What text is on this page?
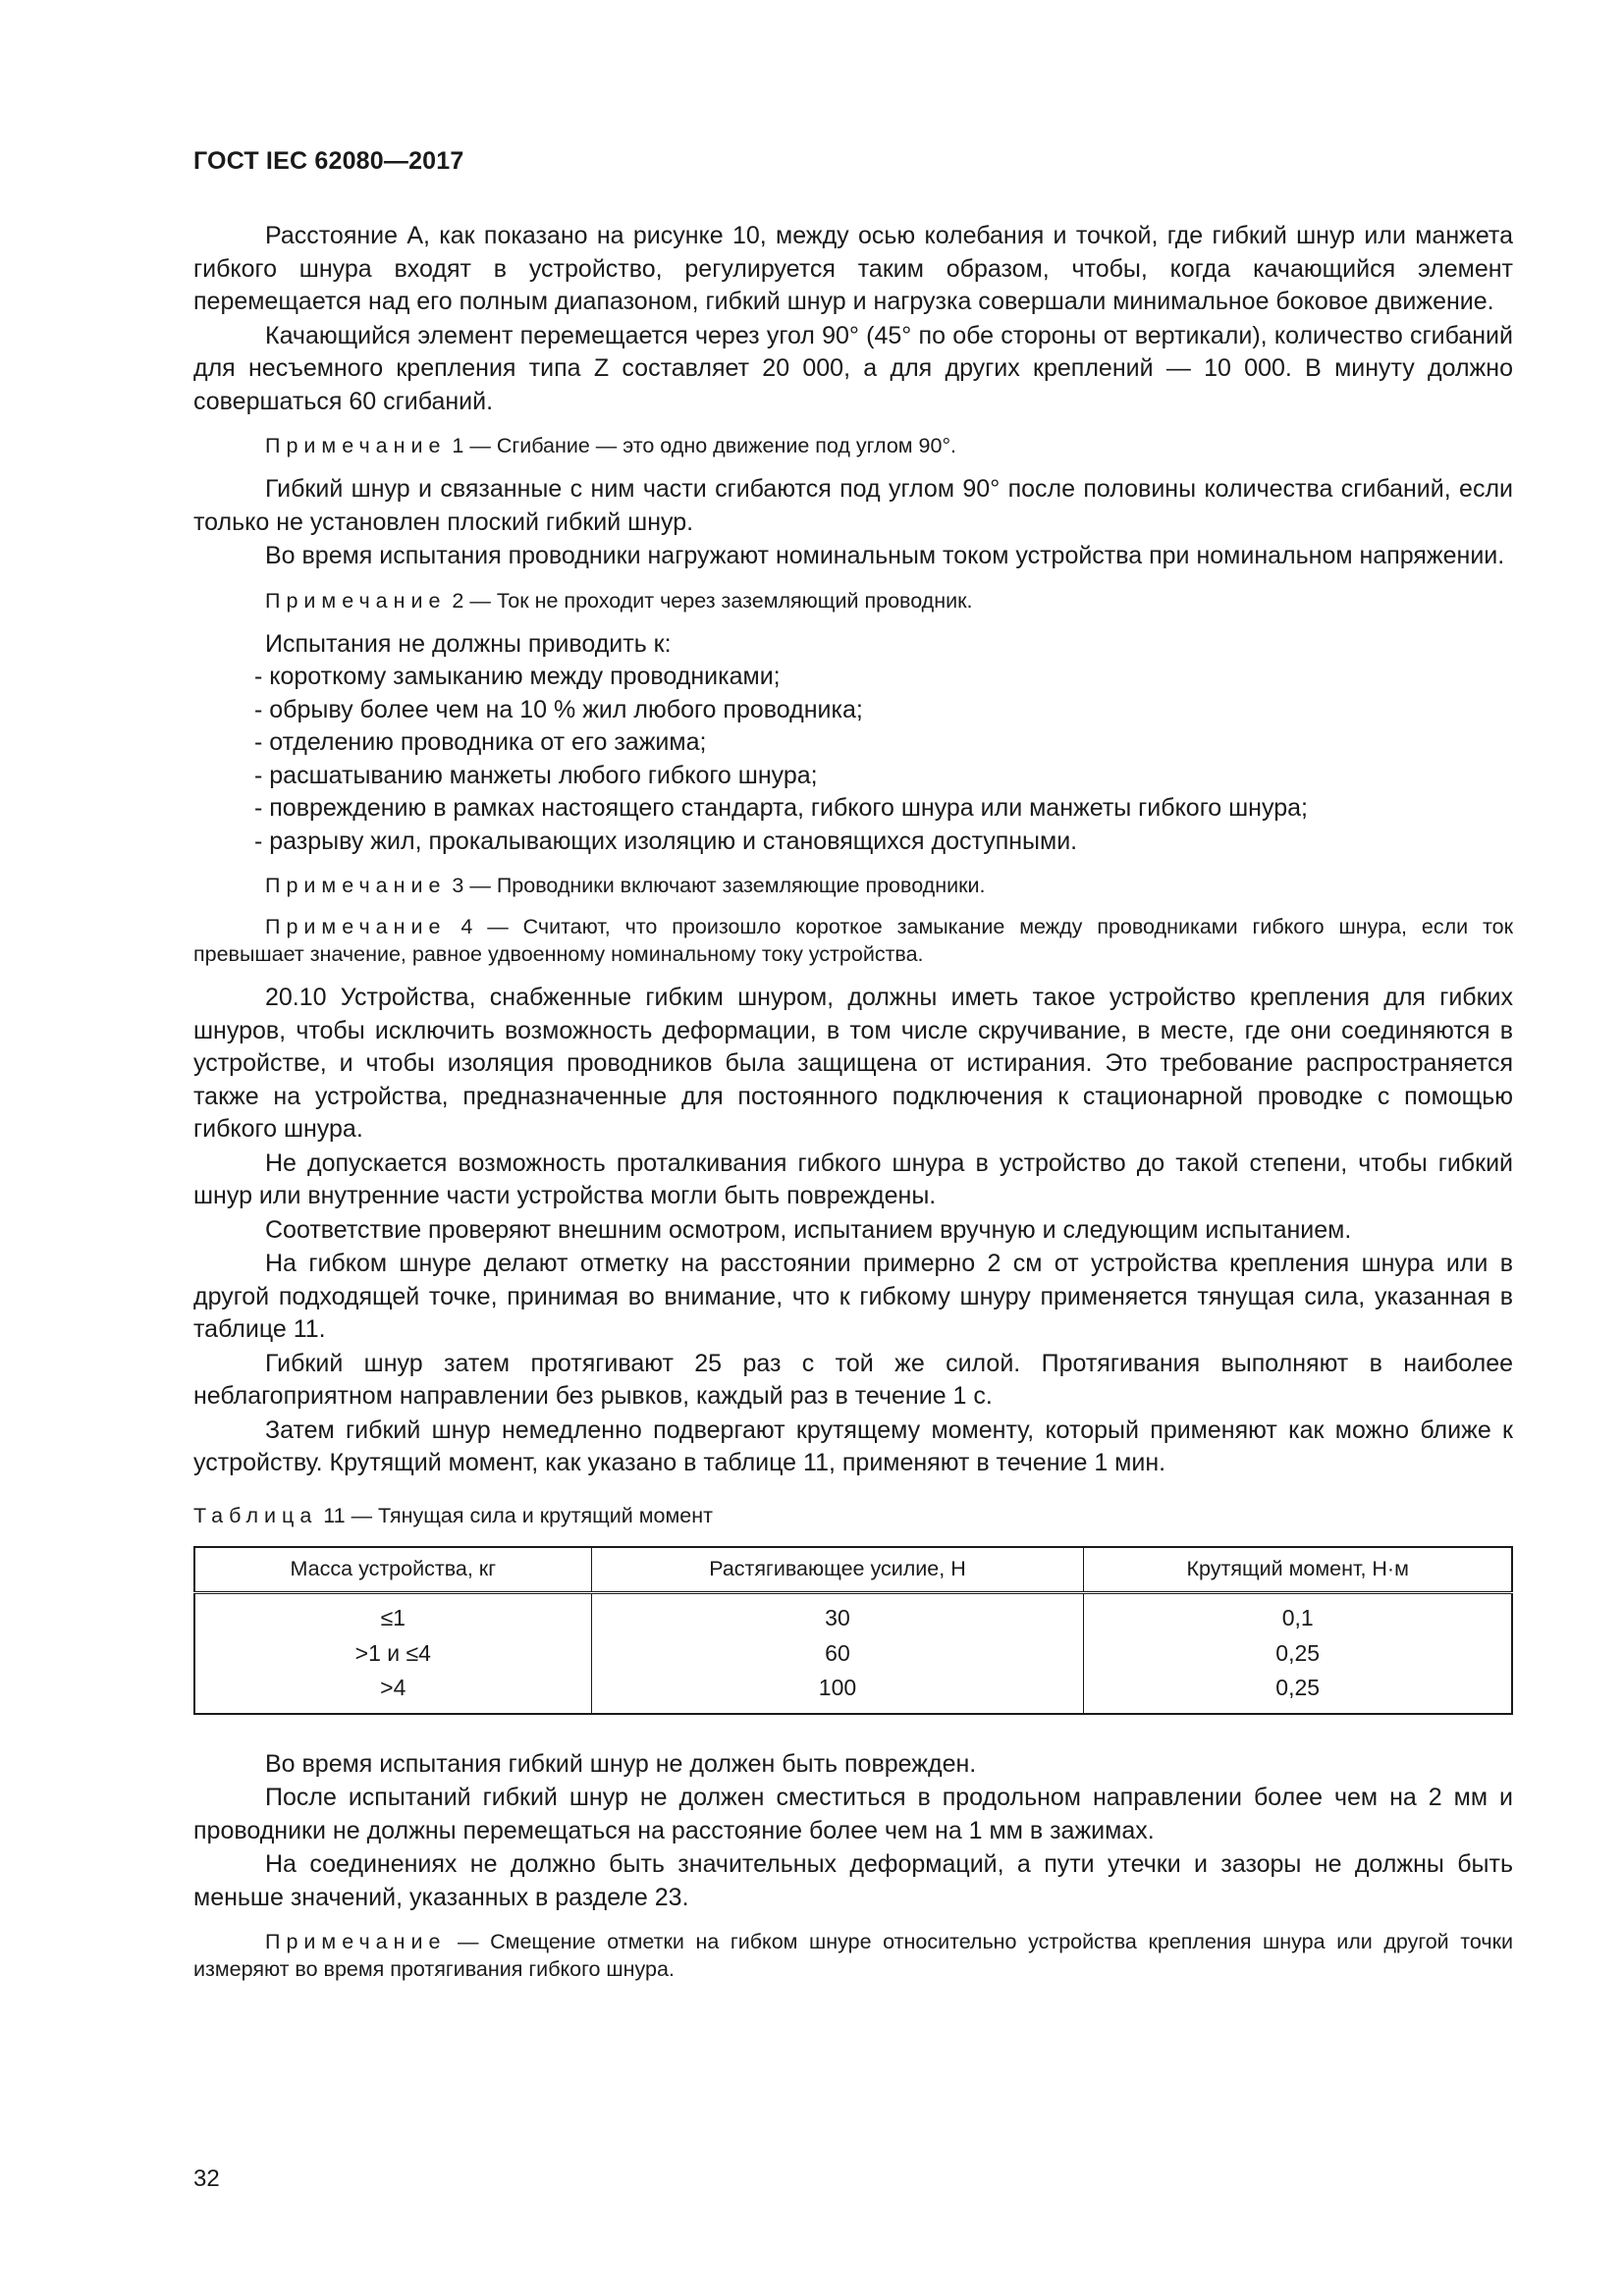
ГОСТ IEC 62080—2017

Расстояние А, как показано на рисунке 10, между осью колебания и точкой, где гибкий шнур или манжета гибкого шнура входят в устройство, регулируется таким образом, чтобы, когда качающийся элемент перемещается над его полным диапазоном, гибкий шнур и нагрузка совершали минимальное боковое движение.

Качающийся элемент перемещается через угол 90° (45° по обе стороны от вертикали), количество сгибаний для несъемного крепления типа Z составляет 20 000, а для других креплений — 10 000. В минуту должно совершаться 60 сгибаний.

Примечание 1 — Сгибание — это одно движение под углом 90°.

Гибкий шнур и связанные с ним части сгибаются под углом 90° после половины количества сгибаний, если только не установлен плоский гибкий шнур.

Во время испытания проводники нагружают номинальным током устройства при номинальном напряжении.

Примечание 2 — Ток не проходит через заземляющий проводник.

Испытания не должны приводить к:

- короткому замыканию между проводниками;
- обрыву более чем на 10 % жил любого проводника;
- отделению проводника от его зажима;
- расшатыванию манжеты любого гибкого шнура;
- повреждению в рамках настоящего стандарта, гибкого шнура или манжеты гибкого шнура;
- разрыву жил, прокалывающих изоляцию и становящихся доступными.
Примечание 3 — Проводники включают заземляющие проводники.
Примечание 4 — Считают, что произошло короткое замыкание между проводниками гибкого шнура, если ток превышает значение, равное удвоенному номинальному току устройства.

20.10 Устройства, снабженные гибким шнуром, должны иметь такое устройство крепления для гибких шнуров, чтобы исключить возможность деформации, в том числе скручивание, в месте, где они соединяются в устройстве, и чтобы изоляция проводников была защищена от истирания. Это требование распространяется также на устройства, предназначенные для постоянного подключения к стационарной проводке с помощью гибкого шнура.

Не допускается возможность проталкивания гибкого шнура в устройство до такой степени, чтобы гибкий шнур или внутренние части устройства могли быть повреждены.

Соответствие проверяют внешним осмотром, испытанием вручную и следующим испытанием.

На гибком шнуре делают отметку на расстоянии примерно 2 см от устройства крепления шнура или в другой подходящей точке, принимая во внимание, что к гибкому шнуру применяется тянущая сила, указанная в таблице 11.

Гибкий шнур затем протягивают 25 раз с той же силой. Протягивания выполняют в наиболее неблагоприятном направлении без рывков, каждый раз в течение 1 с.

Затем гибкий шнур немедленно подвергают крутящему моменту, который применяют как можно ближе к устройству. Крутящий момент, как указано в таблице 11, применяют в течение 1 мин.

Таблица 11 — Тянущая сила и крутящий момент
Масса устройства, кг	Растягивающее усилие, Н	Крутящий момент, Н·м
≤1	30	0,1
>1 и ≤4	60	0,25
>4	100	0,25

Во время испытания гибкий шнур не должен быть поврежден.

После испытаний гибкий шнур не должен сместиться в продольном направлении более чем на 2 мм и проводники не должны перемещаться на расстояние более чем на 1 мм в зажимах.

На соединениях не должно быть значительных деформаций, а пути утечки и зазоры не должны быть меньше значений, указанных в разделе 23.

Примечание — Смещение отметки на гибком шнуре относительно устройства крепления шнура или другой точки измеряют во время протягивания гибкого шнура.
32
